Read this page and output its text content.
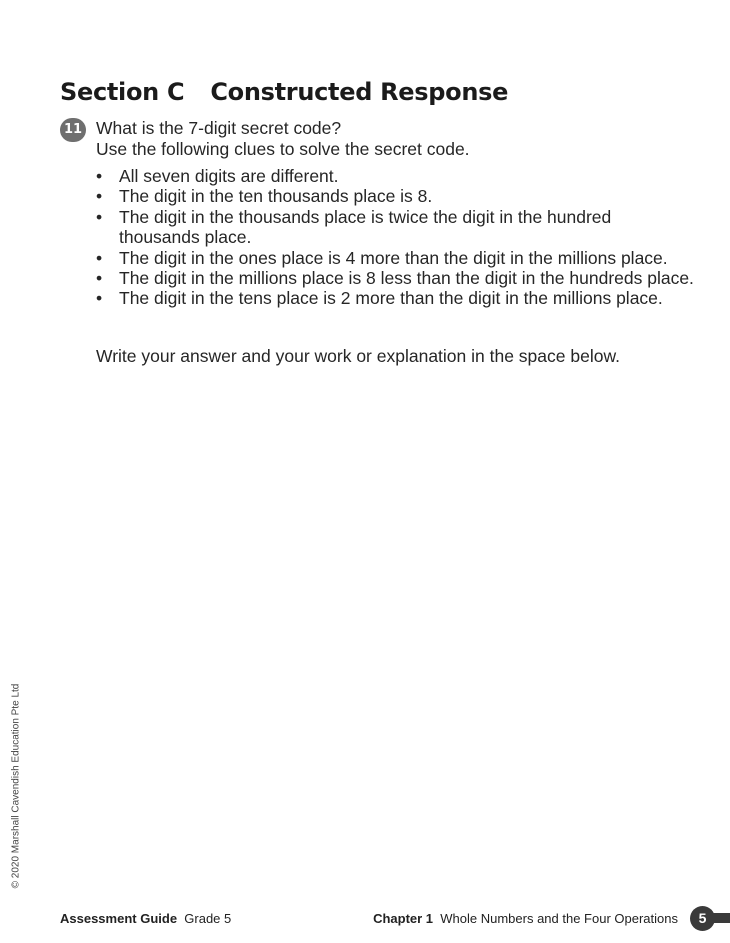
Section C Constructed Response
11 What is the 7-digit secret code?

Use the following clues to solve the secret code.

• All seven digits are different.
• The digit in the ten thousands place is 8.
• The digit in the thousands place is twice the digit in the hundred thousands place.
• The digit in the ones place is 4 more than the digit in the millions place.
• The digit in the millions place is 8 less than the digit in the hundreds place.
• The digit in the tens place is 2 more than the digit in the millions place.

Write your answer and your work or explanation in the space below.

© 2020 Marshall Cavendish Education Pte Ltd
Assessment Guide Grade 5	Chapter 1 Whole Numbers and the Four Operations	5
